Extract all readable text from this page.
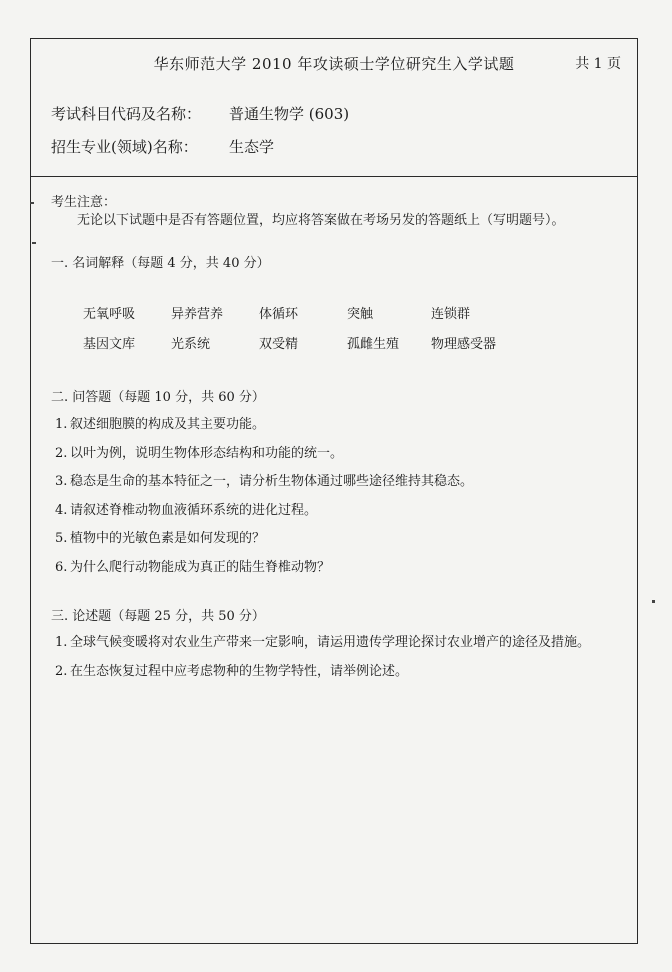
华东师范大学 2010 年攻读硕士学位研究生入学试题	共 1 页
考试科目代码及名称： 普通生物学 (603)
招生专业(领域)名称： 生态学
考生注意：
无论以下试题中是否有答题位置，均应将答案做在考场另发的答题纸上（写明题号）。
一. 名词解释（每题 4 分，共 40 分）
无氧呼吸	异养营养	体循环	突触	连锁群
基因文库	光系统	双受精	孤雌生殖	物理感受器
二. 问答题（每题 10 分，共 60 分）
1. 叙述细胞膜的构成及其主要功能。
2. 以叶为例，说明生物体形态结构和功能的统一。
3. 稳态是生命的基本特征之一，请分析生物体通过哪些途径维持其稳态。
4. 请叙述脊椎动物血液循环系统的进化过程。
5. 植物中的光敏色素是如何发现的？
6. 为什么爬行动物能成为真正的陆生脊椎动物？
三. 论述题（每题 25 分，共 50 分）
1. 全球气候变暖将对农业生产带来一定影响，请运用遗传学理论探讨农业增产的途径及措施。
2. 在生态恢复过程中应考虑物种的生物学特性，请举例论述。
